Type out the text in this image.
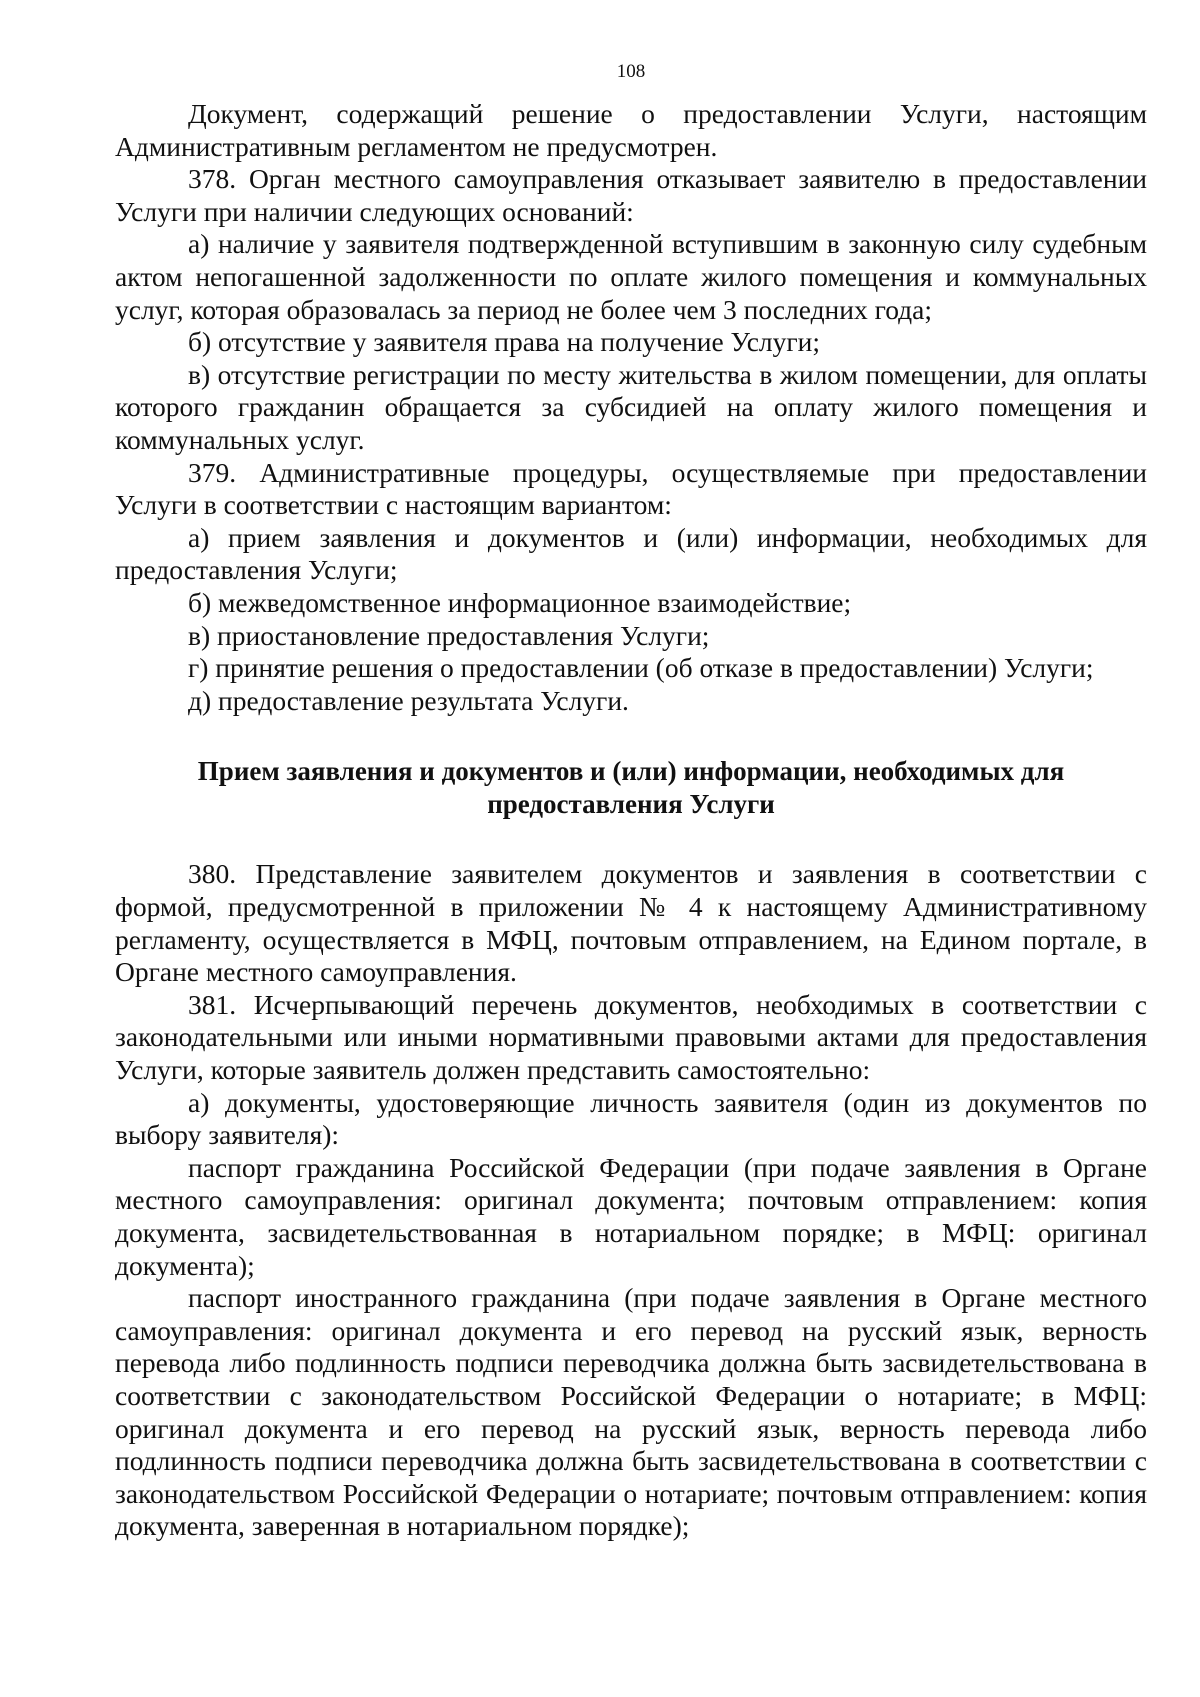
108

Документ, содержащий решение о предоставлении Услуги, настоящим Административным регламентом не предусмотрен.

378. Орган местного самоуправления отказывает заявителю в предоставлении Услуги при наличии следующих оснований:

а) наличие у заявителя подтвержденной вступившим в законную силу судебным актом непогашенной задолженности по оплате жилого помещения и коммунальных услуг, которая образовалась за период не более чем 3 последних года;

б) отсутствие у заявителя права на получение Услуги;

в) отсутствие регистрации по месту жительства в жилом помещении, для оплаты которого гражданин обращается за субсидией на оплату жилого помещения и коммунальных услуг.

379. Административные процедуры, осуществляемые при предоставлении Услуги в соответствии с настоящим вариантом:

а) прием заявления и документов и (или) информации, необходимых для предоставления Услуги;

б) межведомственное информационное взаимодействие;

в) приостановление предоставления Услуги;

г) принятие решения о предоставлении (об отказе в предоставлении) Услуги;

д) предоставление результата Услуги.

Прием заявления и документов и (или) информации, необходимых для предоставления Услуги

380. Представление заявителем документов и заявления в соответствии с формой, предусмотренной в приложении № 4 к настоящему Административному регламенту, осуществляется в МФЦ, почтовым отправлением, на Едином портале, в Органе местного самоуправления.

381. Исчерпывающий перечень документов, необходимых в соответствии с законодательными или иными нормативными правовыми актами для предоставления Услуги, которые заявитель должен представить самостоятельно:

а) документы, удостоверяющие личность заявителя (один из документов по выбору заявителя):

паспорт гражданина Российской Федерации (при подаче заявления в Органе местного самоуправления: оригинал документа; почтовым отправлением: копия документа, засвидетельствованная в нотариальном порядке; в МФЦ: оригинал документа);

паспорт иностранного гражданина (при подаче заявления в Органе местного самоуправления: оригинал документа и его перевод на русский язык, верность перевода либо подлинность подписи переводчика должна быть засвидетельствована в соответствии с законодательством Российской Федерации о нотариате; в МФЦ: оригинал документа и его перевод на русский язык, верность перевода либо подлинность подписи переводчика должна быть засвидетельствована в соответствии с законодательством Российской Федерации о нотариате; почтовым отправлением: копия документа, заверенная в нотариальном порядке);
